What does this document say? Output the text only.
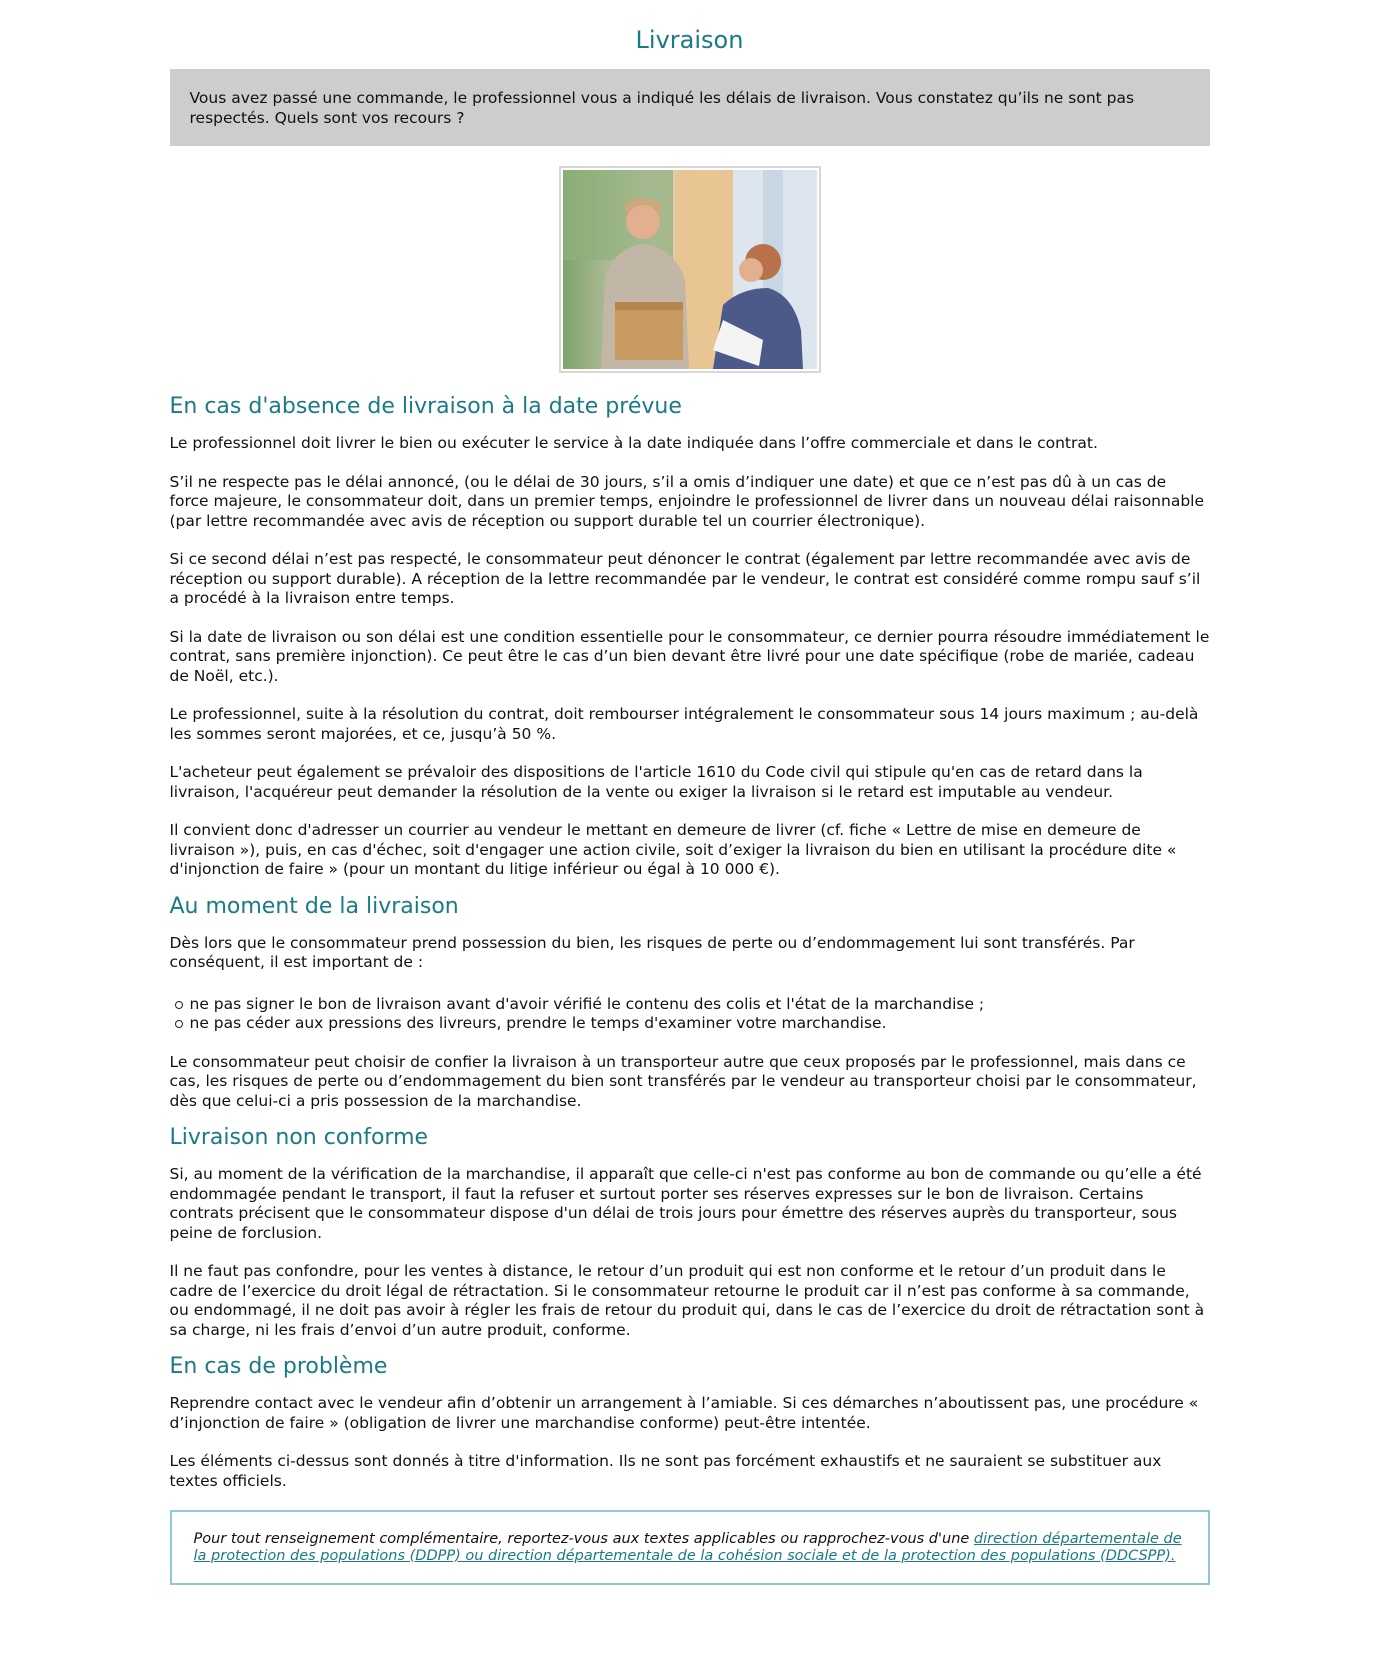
Livraison
Vous avez passé une commande, le professionnel vous a indiqué les délais de livraison. Vous constatez qu’ils ne sont pas respectés. Quels sont vos recours ?
En cas d'absence de livraison à la date prévue

Le professionnel doit livrer le bien ou exécuter le service à la date indiquée dans l’offre commerciale et dans le contrat.

S’il ne respecte pas le délai annoncé, (ou le délai de 30 jours, s’il a omis d’indiquer une date) et que ce n’est pas dû à un cas de force majeure, le consommateur doit, dans un premier temps, enjoindre le professionnel de livrer dans un nouveau délai raisonnable (par lettre recommandée avec avis de réception ou support durable tel un courrier électronique).

Si ce second délai n’est pas respecté, le consommateur peut dénoncer le contrat (également par lettre recommandée avec avis de réception ou support durable). A réception de la lettre recommandée par le vendeur, le contrat est considéré comme rompu sauf s’il a procédé à la livraison entre temps.

Si la date de livraison ou son délai est une condition essentielle pour le consommateur, ce dernier pourra résoudre immédiatement le contrat, sans première injonction). Ce peut être le cas d’un bien devant être livré pour une date spécifique (robe de mariée, cadeau de Noël, etc.).

Le professionnel, suite à la résolution du contrat, doit rembourser intégralement le consommateur sous 14 jours maximum ; au-delà les sommes seront majorées, et ce, jusqu’à 50 %.

L'acheteur peut également se prévaloir des dispositions de l'article 1610 du Code civil qui stipule qu'en cas de retard dans la livraison, l'acquéreur peut demander la résolution de la vente ou exiger la livraison si le retard est imputable au vendeur.

Il convient donc d'adresser un courrier au vendeur le mettant en demeure de livrer (cf. fiche « Lettre de mise en demeure de livraison »), puis, en cas d'échec, soit d'engager une action civile, soit d’exiger la livraison du bien en utilisant la procédure dite « d'injonction de faire » (pour un montant du litige inférieur ou égal à 10 000 €).

Au moment de la livraison

Dès lors que le consommateur prend possession du bien, les risques de perte ou d’endommagement lui sont transférés. Par conséquent, il est important de :

ne pas signer le bon de livraison avant d'avoir vérifié le contenu des colis et l'état de la marchandise ;
ne pas céder aux pressions des livreurs, prendre le temps d'examiner votre marchandise.

Le consommateur peut choisir de confier la livraison à un transporteur autre que ceux proposés par le professionnel, mais dans ce cas, les risques de perte ou d’endommagement du bien sont transférés par le vendeur au transporteur choisi par le consommateur, dès que celui-ci a pris possession de la marchandise.

Livraison non conforme

Si, au moment de la vérification de la marchandise, il apparaît que celle-ci n'est pas conforme au bon de commande ou qu’elle a été endommagée pendant le transport, il faut la refuser et surtout porter ses réserves expresses sur le bon de livraison. Certains contrats précisent que le consommateur dispose d'un délai de trois jours pour émettre des réserves auprès du transporteur, sous peine de forclusion.

Il ne faut pas confondre, pour les ventes à distance, le retour d’un produit qui est non conforme et le retour d’un produit dans le cadre de l’exercice du droit légal de rétractation. Si le consommateur retourne le produit car il n’est pas conforme à sa commande, ou endommagé, il ne doit pas avoir à régler les frais de retour du produit qui, dans le cas de l’exercice du droit de rétractation sont à sa charge, ni les frais d’envoi d’un autre produit, conforme.

En cas de problème

Reprendre contact avec le vendeur afin d’obtenir un arrangement à l’amiable. Si ces démarches n’aboutissent pas, une procédure « d’injonction de faire » (obligation de livrer une marchandise conforme) peut-être intentée.

Les éléments ci-dessus sont donnés à titre d'information. Ils ne sont pas forcément exhaustifs et ne sauraient se substituer aux textes officiels.

Pour tout renseignement complémentaire, reportez-vous aux textes applicables ou rapprochez-vous d'une direction départementale de la protection des populations (DDPP) ou direction départementale de la cohésion sociale et de la protection des populations (DDCSPP).
